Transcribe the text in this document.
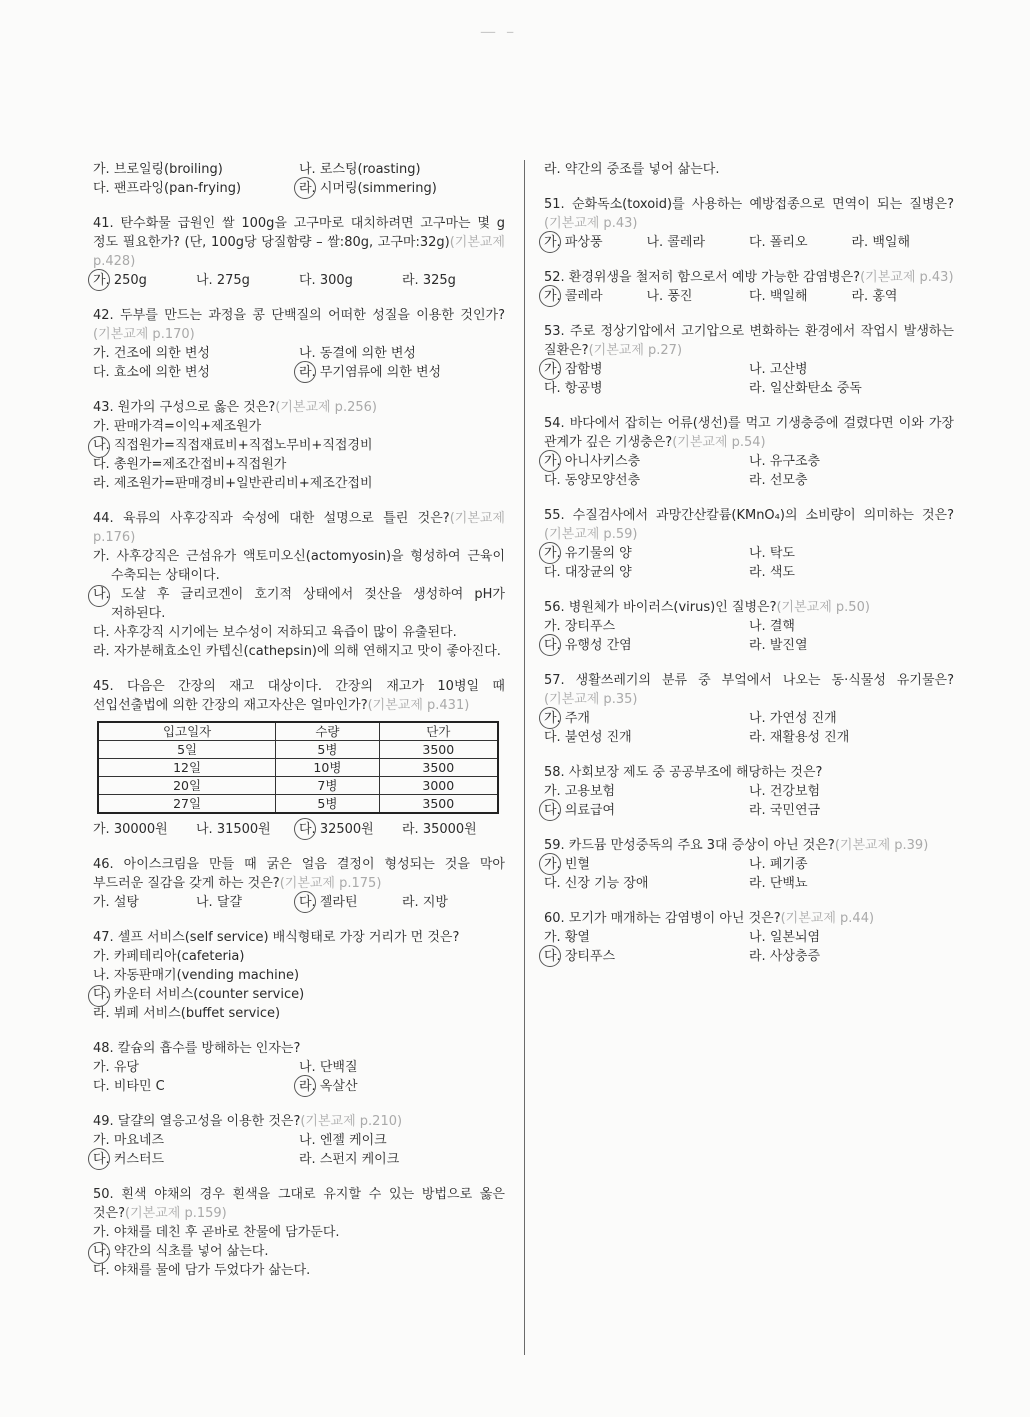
—  –
가. 브로일링(broiling)	나. 로스팅(roasting)
다. 팬프라잉(pan-frying)	라. 시머링(simmering)
41. 탄수화물 급원인 쌀 100g을 고구마로 대치하려면 고구마는 몇 g 정도 필요한가? (단, 100g당 당질함량 – 쌀:80g, 고구마:32g)(기본교제 p.428)
가. 250g	나. 275g	다. 300g	라. 325g
42. 두부를 만드는 과정을 콩 단백질의 어떠한 성질을 이용한 것인가?(기본교제 p.170)
가. 건조에 의한 변성	나. 동결에 의한 변성
다. 효소에 의한 변성	라. 무기염류에 의한 변성
43. 원가의 구성으로 옳은 것은?(기본교제 p.256)
가. 판매가격=이익+제조원가
나. 직접원가=직접재료비+직접노무비+직접경비
다. 총원가=제조간접비+직접원가
라. 제조원가=판매경비+일반관리비+제조간접비
44. 육류의 사후강직과 숙성에 대한 설명으로 틀린 것은?(기본교제 p.176)
가. 사후강직은 근섬유가 액토미오신(actomyosin)을 형성하여 근육이 수축되는 상태이다.
나. 도살 후 글리코겐이 호기적 상태에서 젖산을 생성하여 pH가 저하된다.
다. 사후강직 시기에는 보수성이 저하되고 육즙이 많이 유출된다.
라. 자가분해효소인 카텝신(cathepsin)에 의해 연해지고 맛이 좋아진다.
45. 다음은 간장의 재고 대상이다. 간장의 재고가 10병일 때 선입선출법에 의한 간장의 재고자산은 얼마인가?(기본교제 p.431)
입고일자	수량	단가
5일	5병	3500
12일	10병	3500
20일	7병	3000
27일	5병	3500
가. 30000원	나. 31500원	다. 32500원	라. 35000원
46. 아이스크림을 만들 때 굵은 얼음 결정이 형성되는 것을 막아 부드러운 질감을 갖게 하는 것은?(기본교제 p.175)
가. 설탕	나. 달걀	다. 젤라틴	라. 지방
47. 셀프 서비스(self service) 배식형태로 가장 거리가 먼 것은?
가. 카페테리아(cafeteria)
나. 자동판매기(vending machine)
다. 카운터 서비스(counter service)
라. 뷔페 서비스(buffet service)
48. 칼슘의 흡수를 방해하는 인자는?
가. 유당	나. 단백질
다. 비타민 C	라. 옥살산
49. 달걀의 열응고성을 이용한 것은?(기본교제 p.210)
가. 마요네즈	나. 엔젤 케이크
다. 커스터드	라. 스펀지 케이크
50. 흰색 야채의 경우 흰색을 그대로 유지할 수 있는 방법으로 옳은 것은?(기본교제 p.159)
가. 야채를 데친 후 곧바로 찬물에 담가둔다.
나. 약간의 식초를 넣어 삶는다.
다. 야채를 물에 담가 두었다가 삶는다.
라. 약간의 중조를 넣어 삶는다.
51. 순화독소(toxoid)를 사용하는 예방접종으로 면역이 되는 질병은?(기본교제 p.43)
가. 파상풍	나. 콜레라	다. 폴리오	라. 백일해
52. 환경위생을 철저히 함으로서 예방 가능한 감염병은?(기본교제 p.43)
가. 콜레라	나. 풍진	다. 백일해	라. 홍역
53. 주로 정상기압에서 고기압으로 변화하는 환경에서 작업시 발생하는 질환은?(기본교제 p.27)
가. 잠함병	나. 고산병
다. 항공병	라. 일산화탄소 중독
54. 바다에서 잡히는 어류(생선)를 먹고 기생충증에 걸렸다면 이와 가장 관계가 깊은 기생충은?(기본교제 p.54)
가. 아니사키스충	나. 유구조충
다. 동양모양선충	라. 선모충
55. 수질검사에서 과망간산칼륨(KMnO₄)의 소비량이 의미하는 것은?(기본교제 p.59)
가. 유기물의 양	나. 탁도
다. 대장균의 양	라. 색도
56. 병원체가 바이러스(virus)인 질병은?(기본교제 p.50)
가. 장티푸스	나. 결핵
다. 유행성 간염	라. 발진열
57. 생활쓰레기의 분류 중 부엌에서 나오는 동·식물성 유기물은?(기본교제 p.35)
가. 주개	나. 가연성 진개
다. 불연성 진개	라. 재활용성 진개
58. 사회보장 제도 중 공공부조에 해당하는 것은?
가. 고용보험	나. 건강보험
다. 의료급여	라. 국민연금
59. 카드뮴 만성중독의 주요 3대 증상이 아닌 것은?(기본교제 p.39)
가. 빈혈	나. 폐기종
다. 신장 기능 장애	라. 단백뇨
60. 모기가 매개하는 감염병이 아닌 것은?(기본교제 p.44)
가. 황열	나. 일본뇌염
다. 장티푸스	라. 사상충증
